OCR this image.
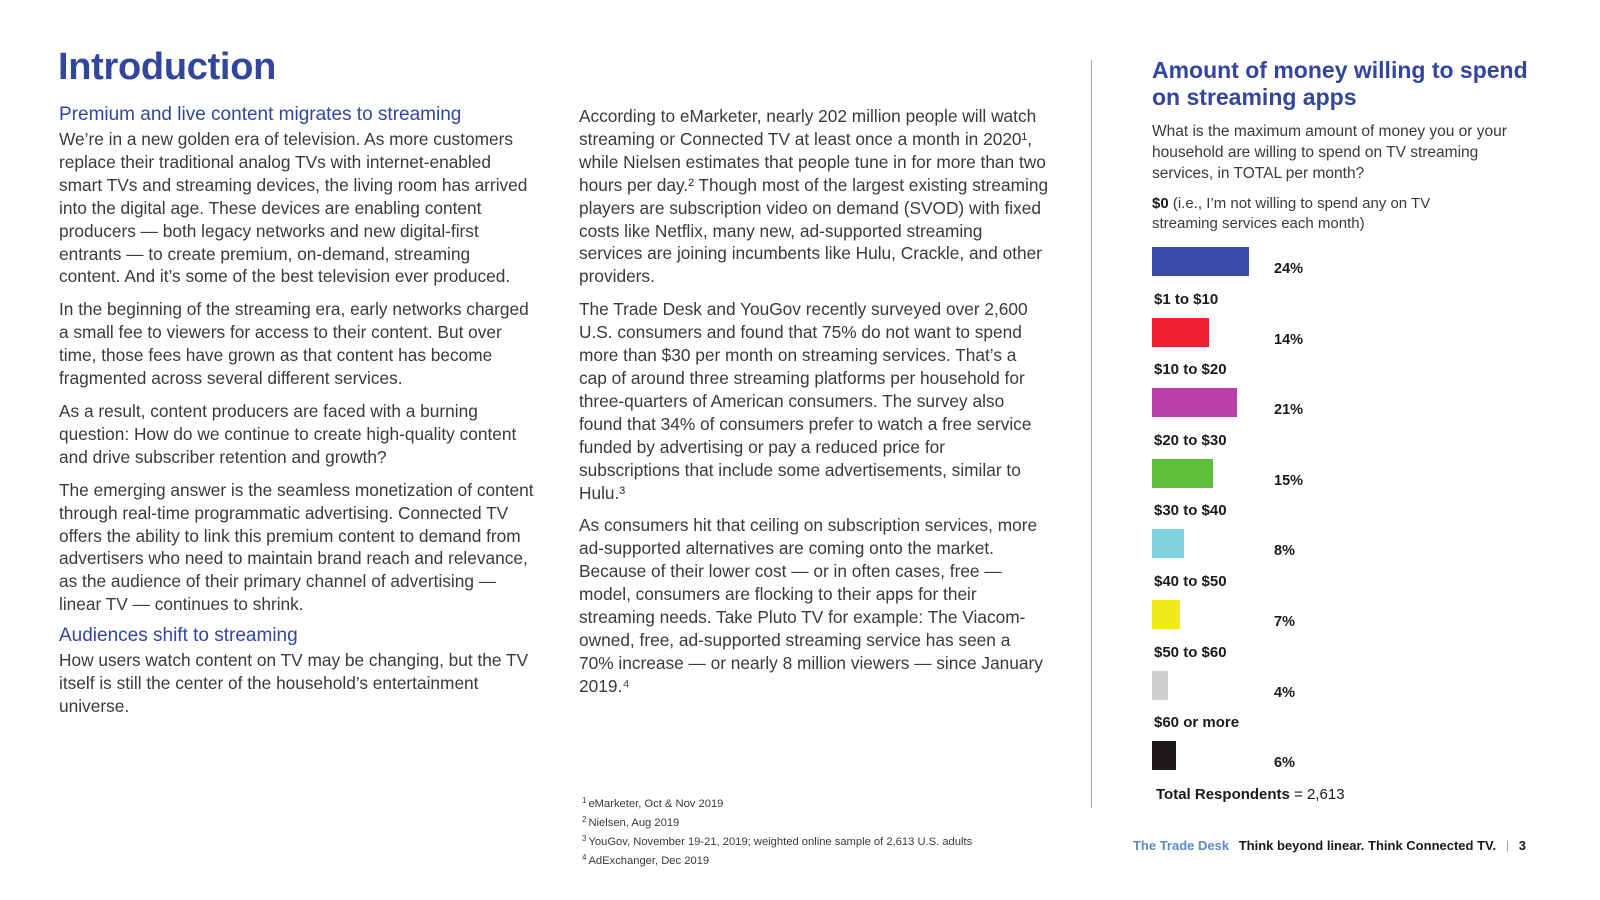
Introduction
Premium and live content migrates to streaming

We’re in a new golden era of television. As more customers replace their traditional analog TVs with internet-enabled smart TVs and streaming devices, the living room has arrived into the digital age. These devices are enabling content producers — both legacy networks and new digital-first entrants — to create premium, on-demand, streaming content. And it’s some of the best television ever produced.

In the beginning of the streaming era, early networks charged a small fee to viewers for access to their content. But over time, those fees have grown as that content has become fragmented across several different services.

As a result, content producers are faced with a burning question: How do we continue to create high-quality content and drive subscriber retention and growth?

The emerging answer is the seamless monetization of content through real-time programmatic advertising. Connected TV offers the ability to link this premium content to demand from advertisers who need to maintain brand reach and relevance, as the audience of their primary channel of advertising — linear TV — continues to shrink.

Audiences shift to streaming

How users watch content on TV may be changing, but the TV itself is still the center of the household’s entertainment universe.

According to eMarketer, nearly 202 million people will watch streaming or Connected TV at least once a month in 2020¹, while Nielsen estimates that people tune in for more than two hours per day.² Though most of the largest existing streaming players are subscription video on demand (SVOD) with fixed costs like Netflix, many new, ad-supported streaming services are joining incumbents like Hulu, Crackle, and other providers.

The Trade Desk and YouGov recently surveyed over 2,600 U.S. consumers and found that 75% do not want to spend more than $30 per month on streaming services. That’s a cap of around three streaming platforms per household for three-quarters of American consumers. The survey also found that 34% of consumers prefer to watch a free service funded by advertising or pay a reduced price for subscriptions that include some advertisements, similar to Hulu.³

As consumers hit that ceiling on subscription services, more ad-supported alternatives are coming onto the market. Because of their lower cost — or in often cases, free — model, consumers are flocking to their apps for their streaming needs. Take Pluto TV for example: The Viacom-owned, free, ad-supported streaming service has seen a 70% increase — or nearly 8 million viewers — since January 2019.⁴

$^1$ eMarketer, Oct & Nov 2019
$^2$ Nielsen, Aug 2019
$^3$ YouGov, November 19-21, 2019; weighted online sample of 2,613 U.S. adults
$^4$ AdExchanger, Dec 2019
Amount of money willing to spend on streaming apps
What is the maximum amount of money you or your household are willing to spend on TV streaming services, in TOTAL per month?
$0 (i.e., I’m not willing to spend any on TV streaming services each month)
24%
$1 to $10
14%
$10 to $20
21%
$20 to $30
15%
$30 to $40
8%
$40 to $50
7%
$50 to $60
4%
$60 or more
6%
Total Respondents = 2,613
The Trade Desk Think beyond linear. Think Connected TV. | 3
